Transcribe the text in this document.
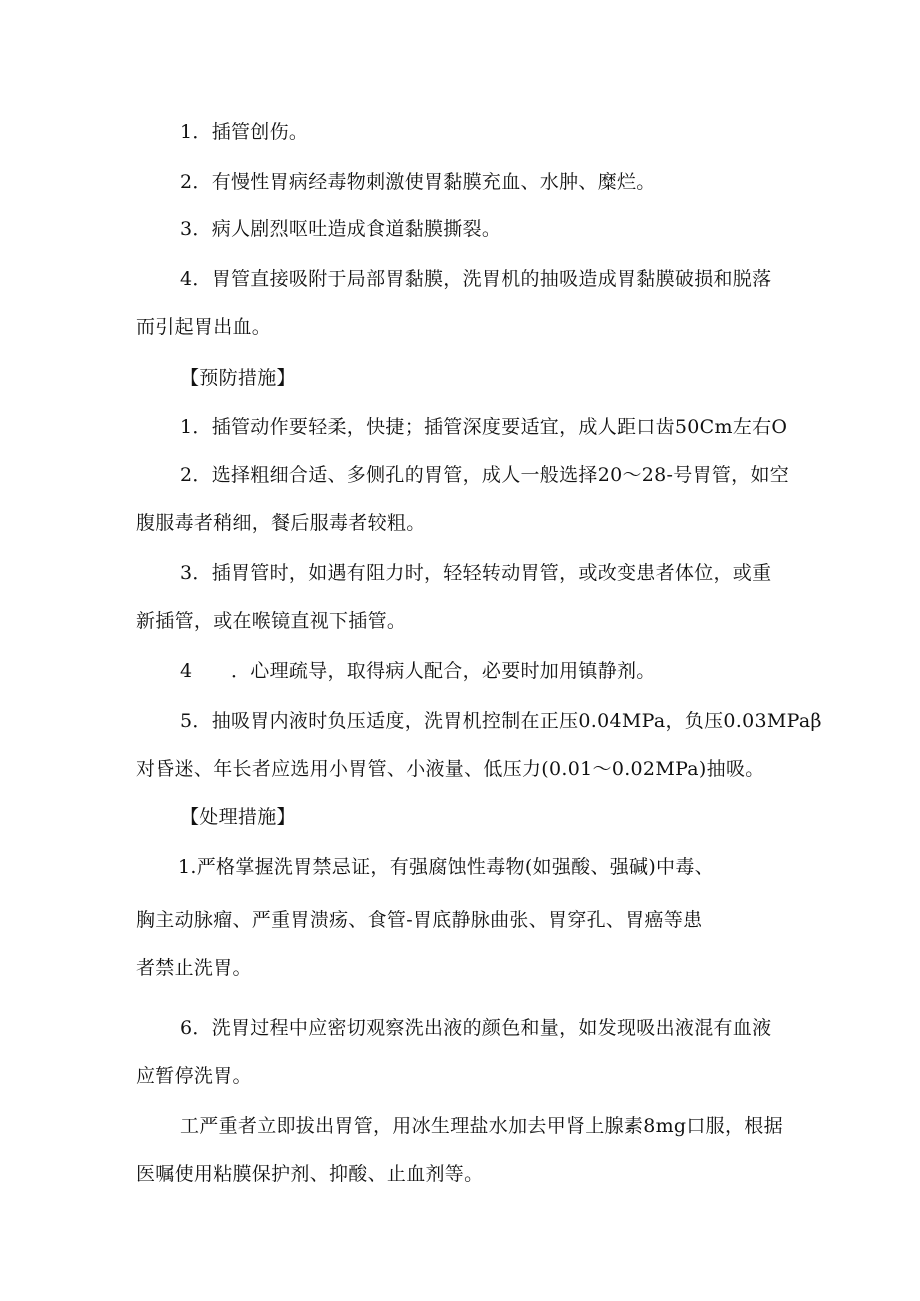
1．插管创伤。
2．有慢性胃病经毒物刺激使胃黏膜充血、水肿、糜烂。
3．病人剧烈呕吐造成食道黏膜撕裂。
4．胃管直接吸附于局部胃黏膜，洗胃机的抽吸造成胃黏膜破损和脱落
而引起胃出血。
【预防措施】
1．插管动作要轻柔，快捷；插管深度要适宜，成人距口齿50Cm左右O
2．选择粗细合适、多侧孔的胃管，成人一般选择20～28-号胃管，如空
腹服毒者稍细，餐后服毒者较粗。
3．插胃管时，如遇有阻力时，轻轻转动胃管，或改变患者体位，或重
新插管，或在喉镜直视下插管。
4　　．心理疏导，取得病人配合，必要时加用镇静剂。
5．抽吸胃内液时负压适度，洗胃机控制在正压0.04MPa，负压0.03MPaβ
对昏迷、年长者应选用小胃管、小液量、低压力(0.01～0.02MPa)抽吸。
【处理措施】
1.严格掌握洗胃禁忌证，有强腐蚀性毒物(如强酸、强碱)中毒、
胸主动脉瘤、严重胃溃疡、食管-胃底静脉曲张、胃穿孔、胃癌等患
者禁止洗胃。
6．洗胃过程中应密切观察洗出液的颜色和量，如发现吸出液混有血液
应暂停洗胃。
工严重者立即拔出胃管，用冰生理盐水加去甲肾上腺素8mg口服，根据
医嘱使用粘膜保护剂、抑酸、止血剂等。
